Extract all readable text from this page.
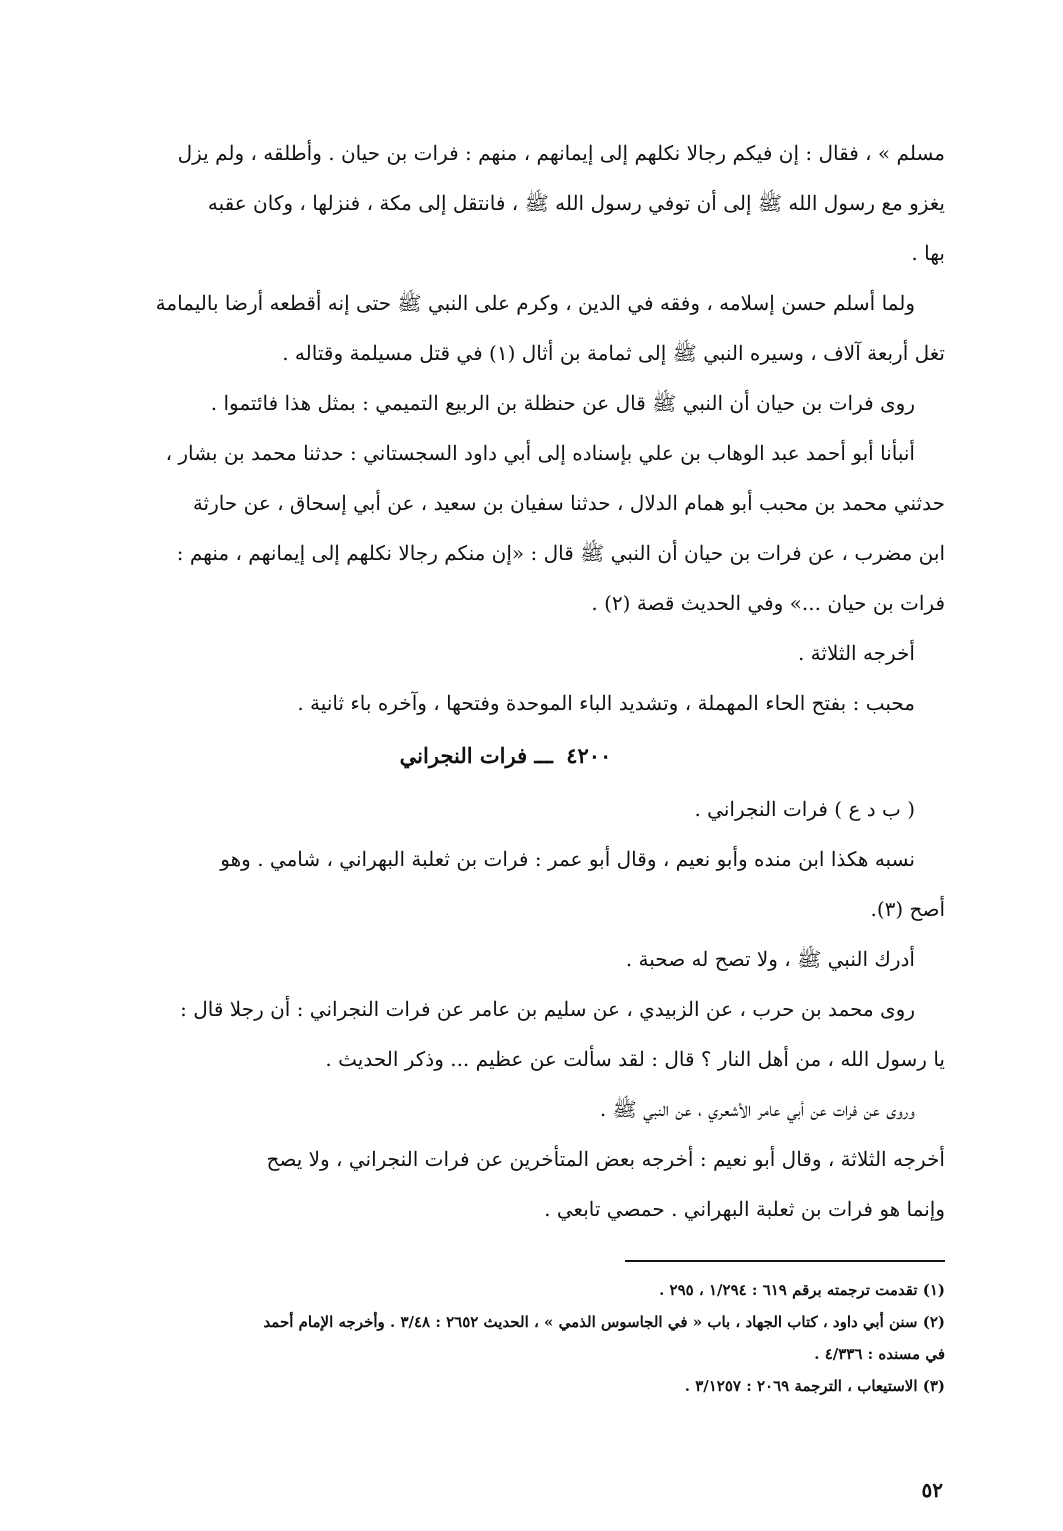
مسلم » ، فقال : إن فيكم رجالا نكلهم إلى إيمانهم ، منهم : فرات بن حيان . وأطلقه ، ولم يزل

يغزو مع رسول الله ﷺ إلى أن توفي رسول الله ﷺ ، فانتقل إلى مكة ، فنزلها ، وكان عقبه

بها .

ولما أسلم حسن إسلامه ، وفقه في الدين ، وكرم على النبي ﷺ حتى إنه أقطعه أرضا باليمامة

تغل أربعة آلاف ، وسيره النبي ﷺ إلى ثمامة بن أثال (١) في قتل مسيلمة وقتاله .

روى فرات بن حيان أن النبي ﷺ قال عن حنظلة بن الربيع التميمي : بمثل هذا فائتموا .

أنبأنا أبو أحمد عبد الوهاب بن علي بإسناده إلى أبي داود السجستاني : حدثنا محمد بن بشار ،

حدثني محمد بن محبب أبو همام الدلال ، حدثنا سفيان بن سعيد ، عن أبي إسحاق ، عن حارثة

ابن مضرب ، عن فرات بن حيان أن النبي ﷺ قال : «إن منكم رجالا نكلهم إلى إيمانهم ، منهم :

فرات بن حيان ...» وفي الحديث قصة (٢) .

أخرجه الثلاثة .

محبب : بفتح الحاء المهملة ، وتشديد الباء الموحدة وفتحها ، وآخره باء ثانية .

٤٢٠٠ ـــ فرات النجراني

( ب د ع ) فرات النجراني .

نسبه هكذا ابن منده وأبو نعيم ، وقال أبو عمر : فرات بن ثعلبة البهراني ، شامي . وهو

أصح (٣).

أدرك النبي ﷺ ، ولا تصح له صحبة .

روى محمد بن حرب ، عن الزبيدي ، عن سليم بن عامر عن فرات النجراني : أن رجلا قال :

يا رسول الله ، من أهل النار ؟ قال : لقد سألت عن عظيم ... وذكر الحديث .

وروى عن فرات عن أبي عامر الأشعري ، عن النبي ﷺ .

أخرجه الثلاثة ، وقال أبو نعيم : أخرجه بعض المتأخرين عن فرات النجراني ، ولا يصح

وإنما هو فرات بن ثعلبة البهراني . حمصي تابعي .

(١) تقدمت ترجمته برقم ٦١٩ : ١/٢٩٤ ، ٢٩٥ .

(٢) سنن أبي داود ، كتاب الجهاد ، باب « في الجاسوس الذمي » ، الحديث ٢٦٥٢ : ٣/٤٨ . وأخرجه الإمام أحمد

في مسنده : ٤/٣٣٦ .

(٣) الاستيعاب ، الترجمة ٢٠٦٩ : ٣/١٢٥٧ .

٥٢
